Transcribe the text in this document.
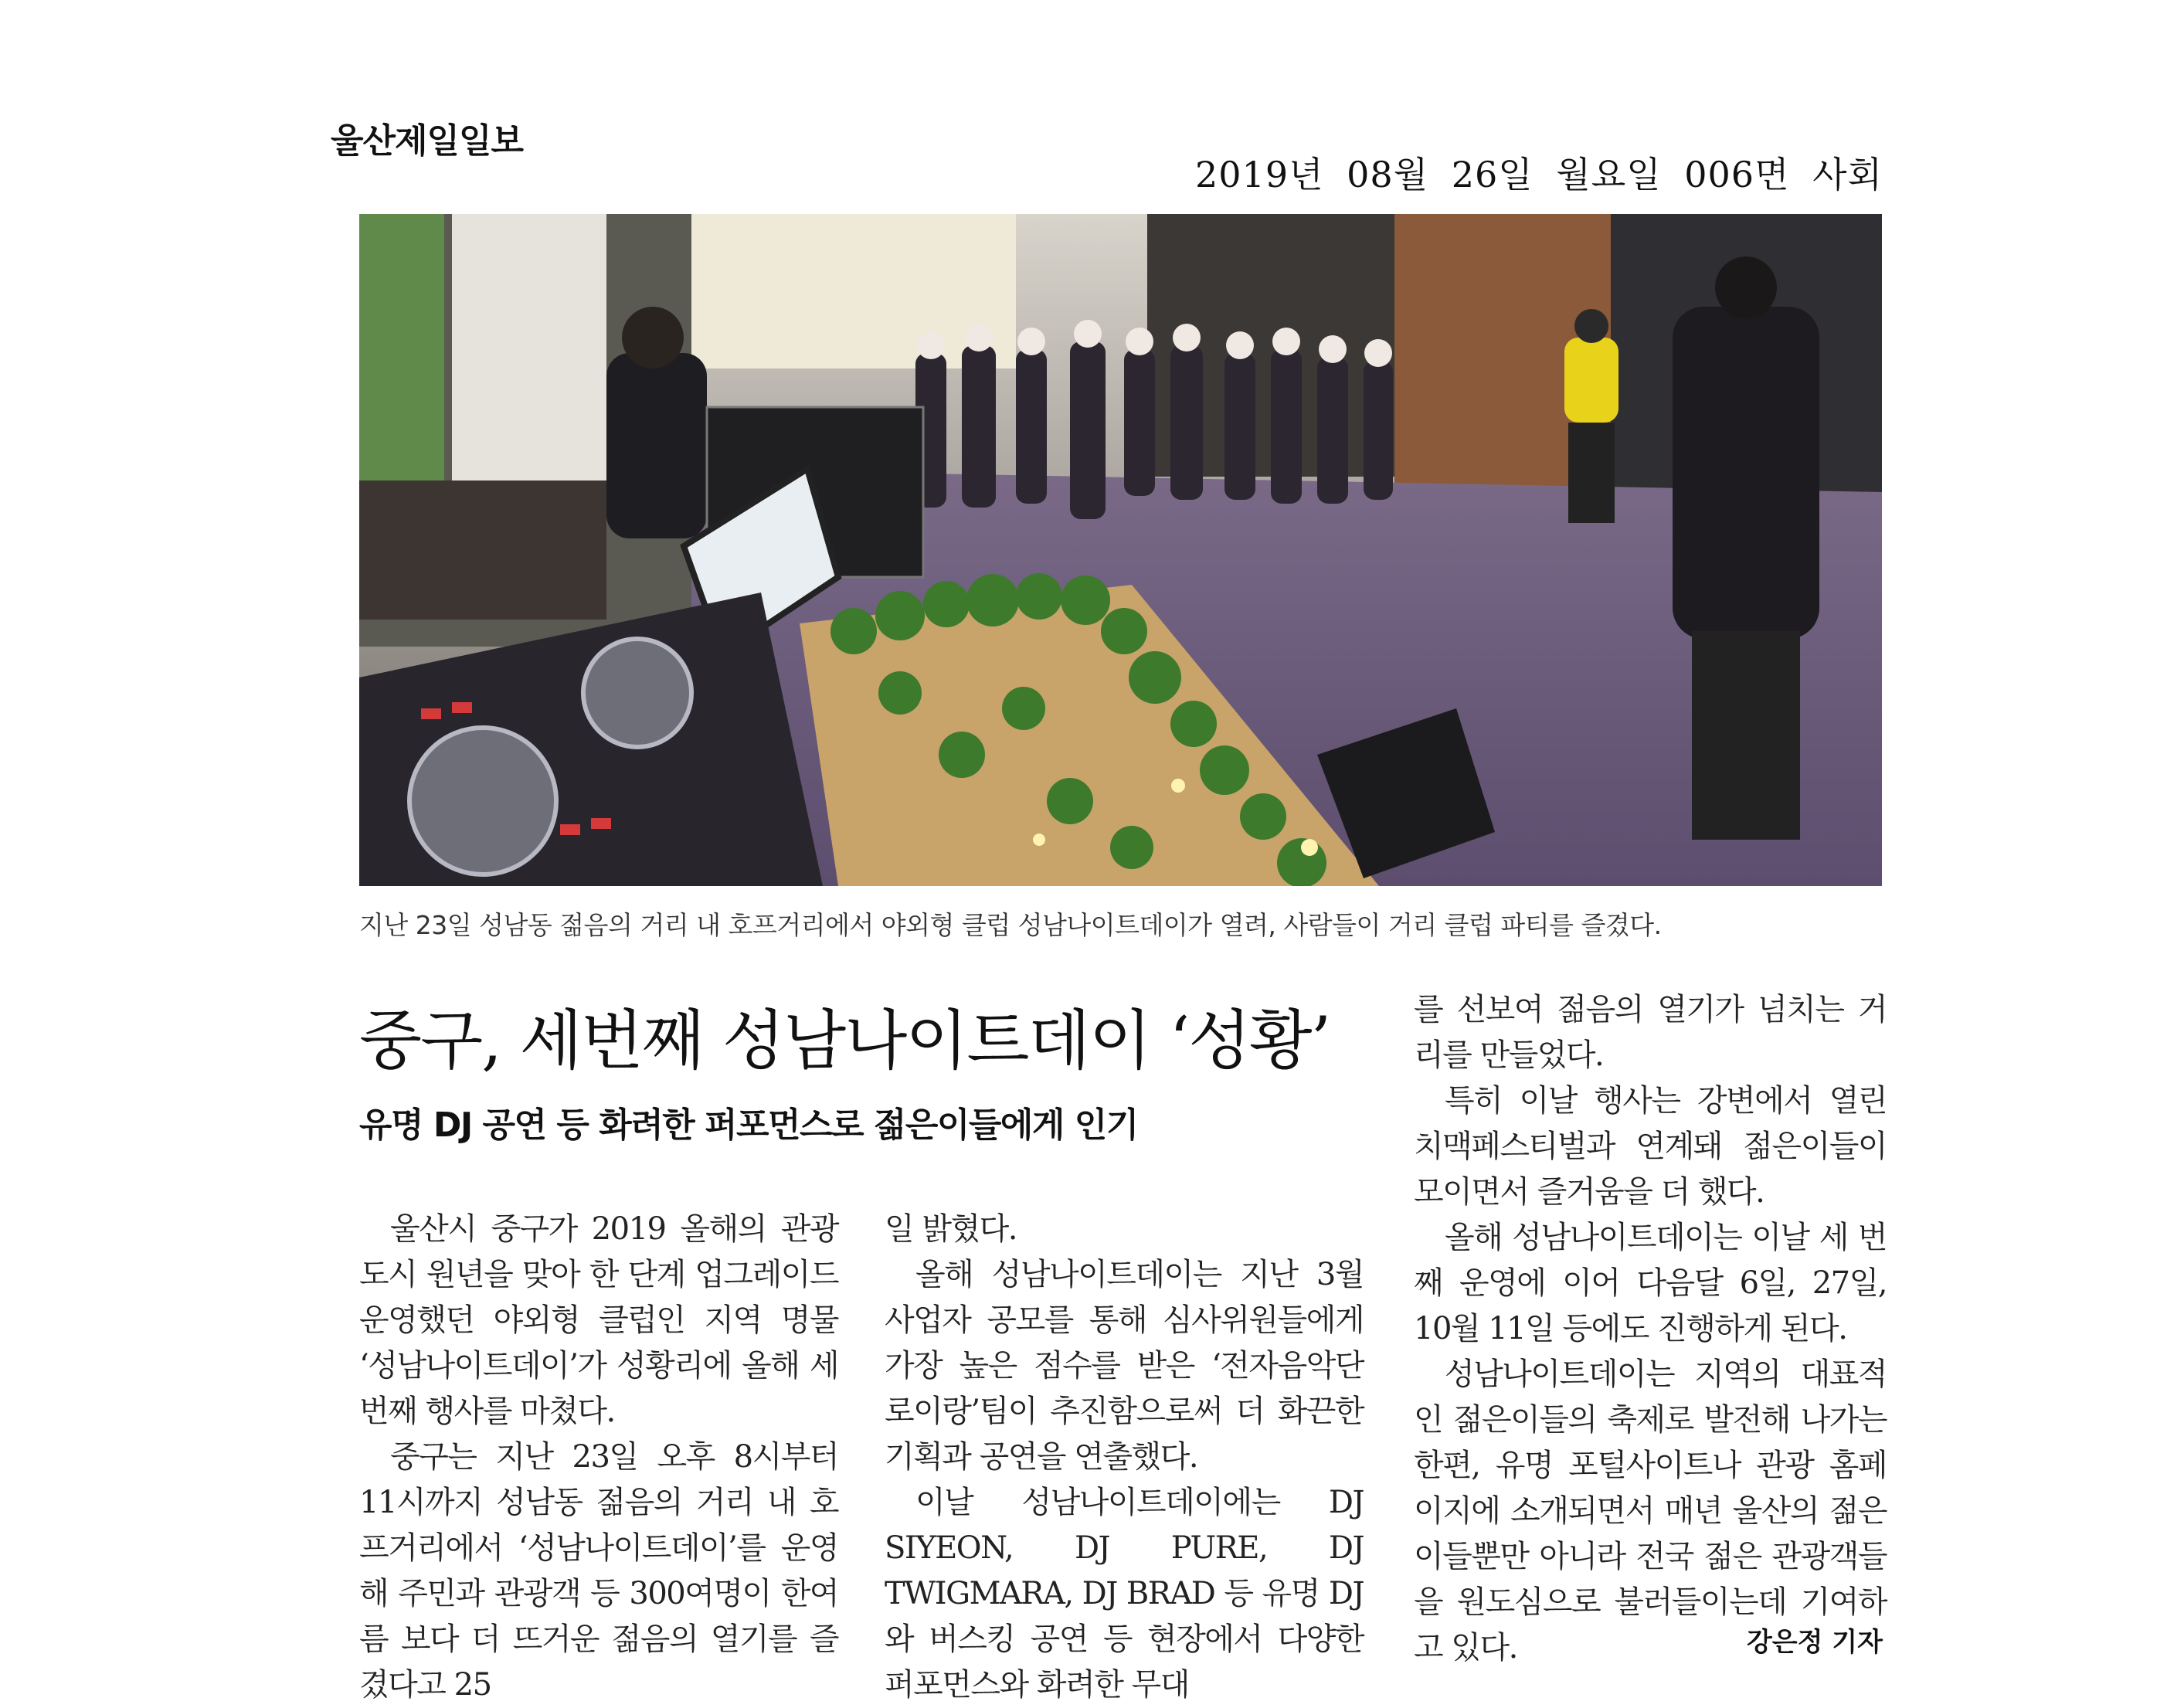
울산제일일보
2019년 08월 26일 월요일 006면 사회
지난 23일 성남동 젊음의 거리 내 호프거리에서 야외형 클럽 성남나이트데이가 열려, 사람들이 거리 클럽 파티를 즐겼다.
중구, 세번째 성남나이트데이 ‘성황’
유명 DJ 공연 등 화려한 퍼포먼스로 젊은이들에게 인기

울산시 중구가 2019 올해의 관광도시 원년을 맞아 한 단계 업그레이드 운영했던 야외형 클럽인 지역 명물 ‘성남나이트데이’가 성황리에 올해 세번째 행사를 마쳤다.

중구는 지난 23일 오후 8시부터 11시까지 성남동 젊음의 거리 내 호프거리에서 ‘성남나이트데이’를 운영해 주민과 관광객 등 300여명이 한여름 보다 더 뜨거운 젊음의 열기를 즐겼다고 25

일 밝혔다.

올해 성남나이트데이는 지난 3월 사업자 공모를 통해 심사위원들에게 가장 높은 점수를 받은 ‘전자음악단 로이랑’팀이 추진함으로써 더 화끈한 기획과 공연을 연출했다.

이날 성남나이트데이에는 DJ SIYEON, DJ PURE, DJ TWIGMARA, DJ BRAD 등 유명 DJ와 버스킹 공연 등 현장에서 다양한 퍼포먼스와 화려한 무대

를 선보여 젊음의 열기가 넘치는 거리를 만들었다.

특히 이날 행사는 강변에서 열린 치맥페스티벌과 연계돼 젊은이들이 모이면서 즐거움을 더 했다.

올해 성남나이트데이는 이날 세 번째 운영에 이어 다음달 6일, 27일, 10월 11일 등에도 진행하게 된다.

성남나이트데이는 지역의 대표적인 젊은이들의 축제로 발전해 나가는 한편, 유명 포털사이트나 관광 홈페이지에 소개되면서 매년 울산의 젊은이들뿐만 아니라 전국 젊은 관광객들을 원도심으로 불러들이는데 기여하고 있다.	강은정 기자
